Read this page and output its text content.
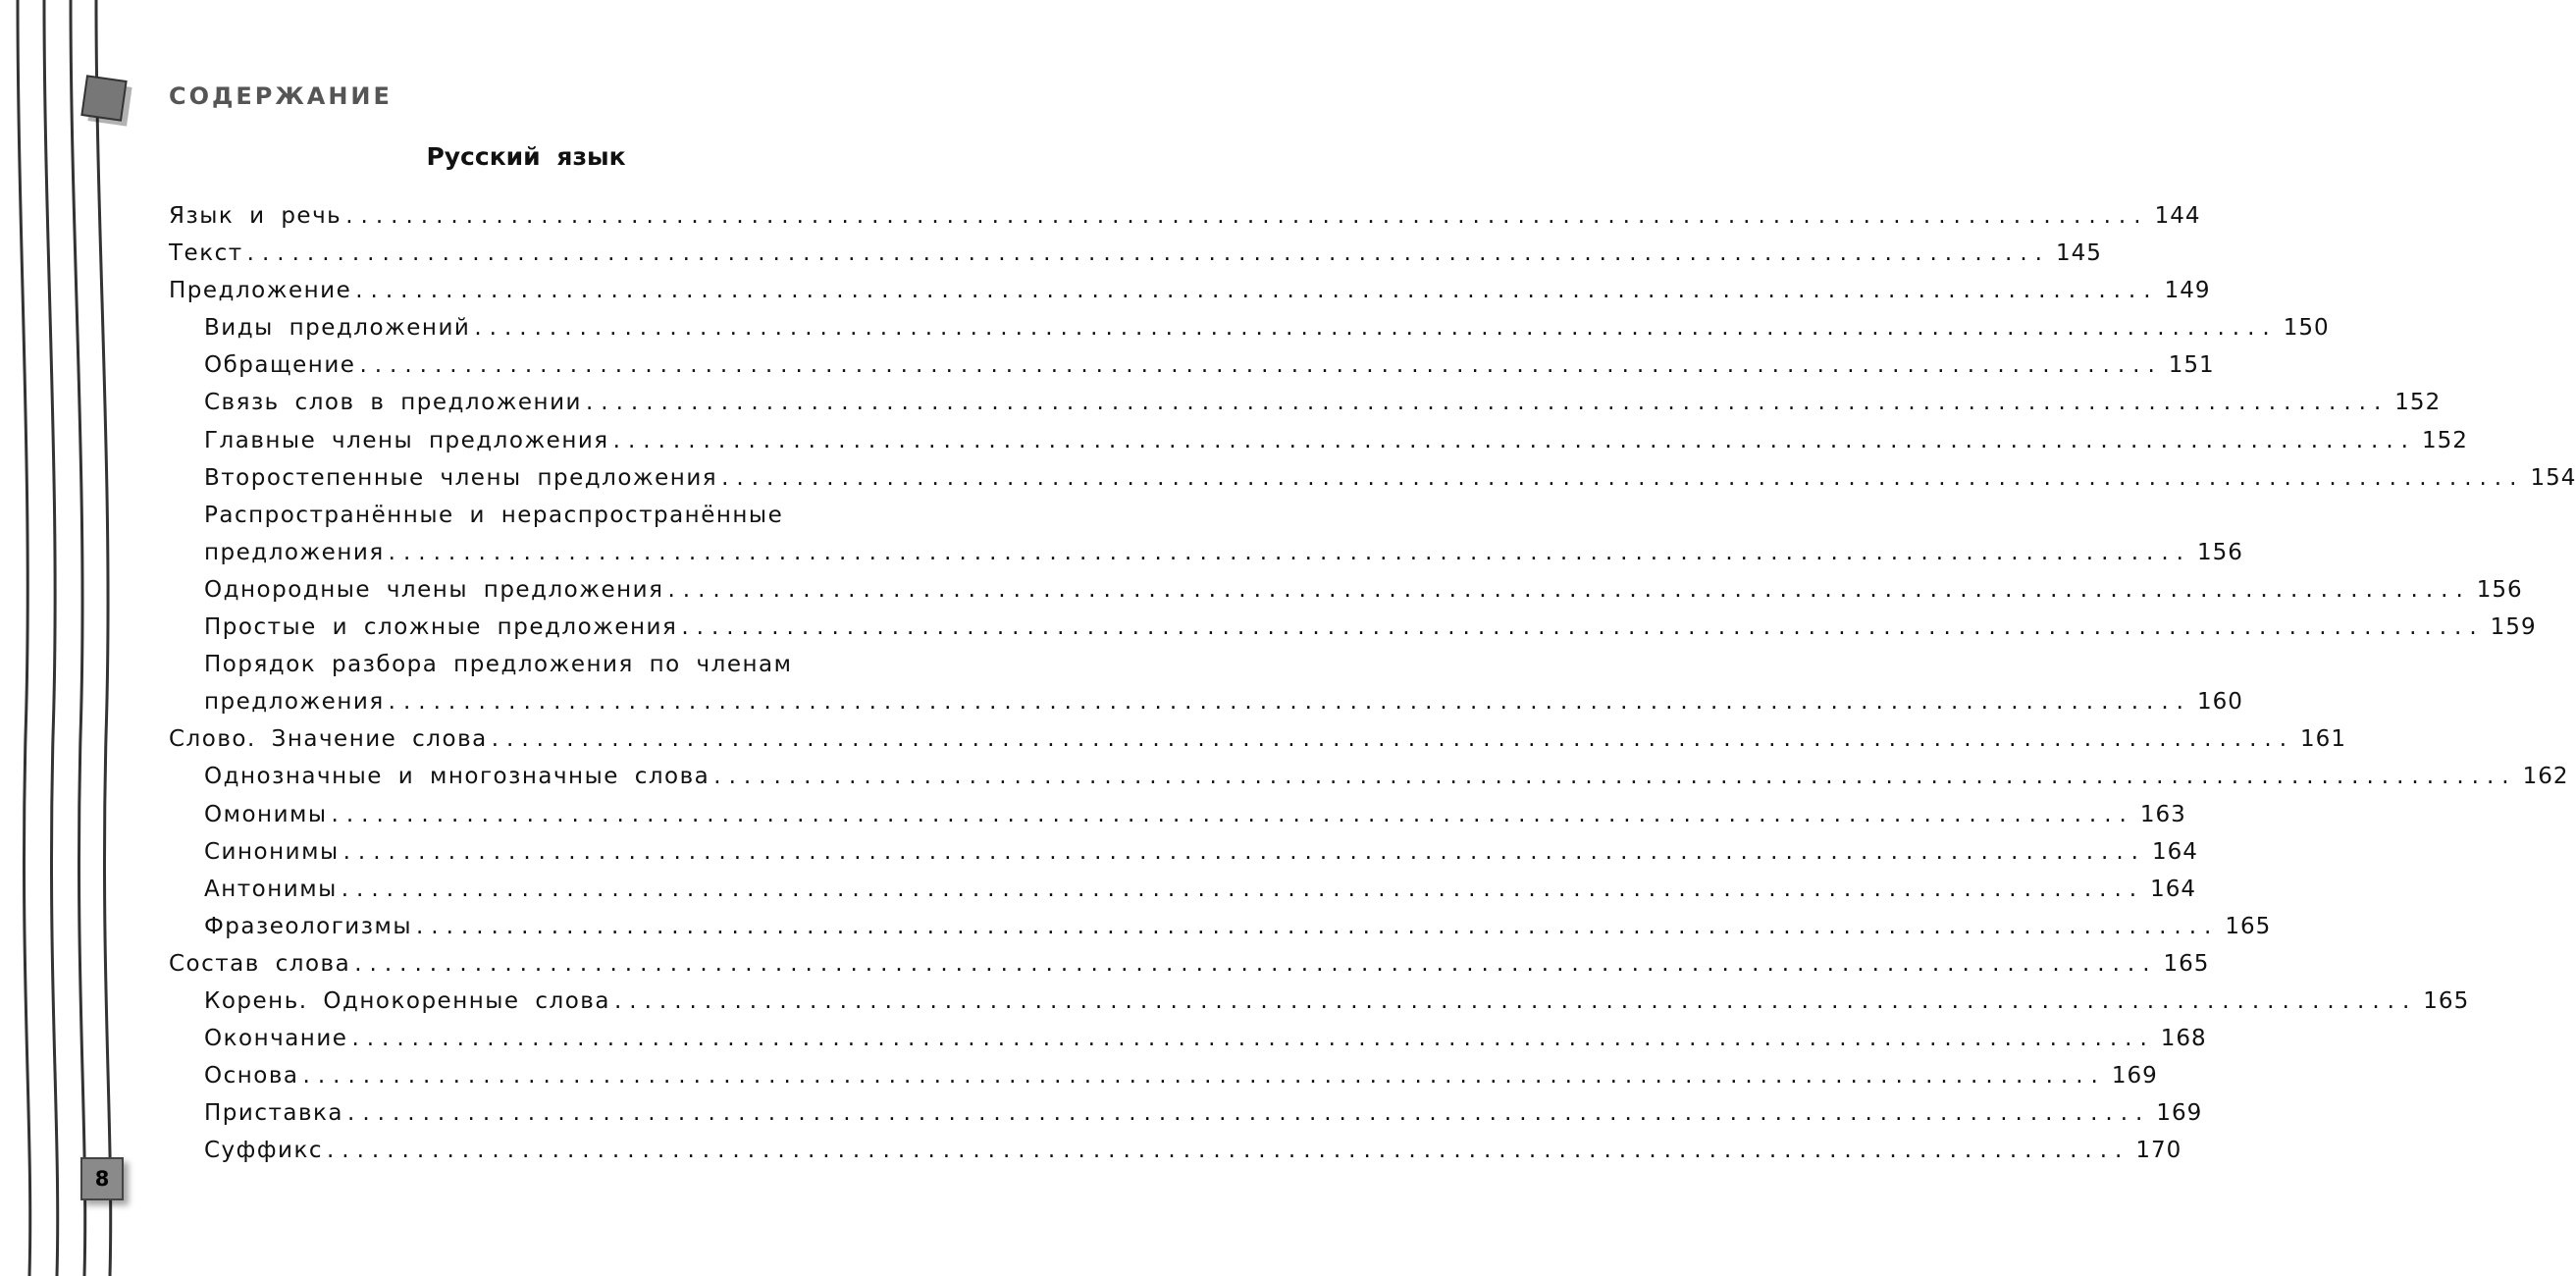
СОДЕРЖАНИЕ
Русский язык
Язык и речь ........................................................................................................................ 144
Текст ........................................................................................................................ 145
Предложение ........................................................................................................................ 149
Виды предложений ........................................................................................................................ 150
Обращение ........................................................................................................................ 151
Связь слов в предложении ........................................................................................................................ 152
Главные члены предложения ........................................................................................................................ 152
Второстепенные члены предложения ........................................................................................................................ 154
Распространённые и нераспространённые
предложения ........................................................................................................................ 156
Однородные члены предложения ........................................................................................................................ 156
Простые и сложные предложения ........................................................................................................................ 159
Порядок разбора предложения по членам
предложения ........................................................................................................................ 160
Слово. Значение слова ........................................................................................................................ 161
Однозначные и многозначные слова ........................................................................................................................ 162
Омонимы ........................................................................................................................ 163
Синонимы ........................................................................................................................ 164
Антонимы ........................................................................................................................ 164
Фразеологизмы ........................................................................................................................ 165
Состав слова ........................................................................................................................ 165
Корень. Однокоренные слова ........................................................................................................................ 165
Окончание ........................................................................................................................ 168
Основа ........................................................................................................................ 169
Приставка ........................................................................................................................ 169
Суффикс ........................................................................................................................ 170
8
